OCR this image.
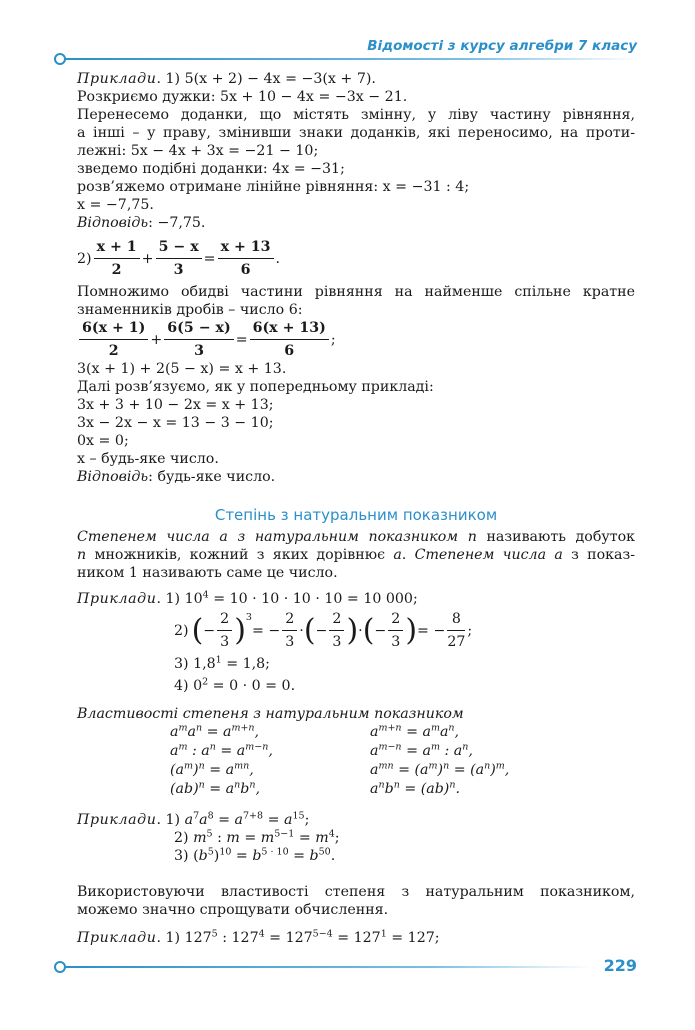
Відомості з курсу алгебри 7 класу
Приклади. 1) 5(x + 2) − 4x = −3(x + 7).
Розкриємо дужки: 5x + 10 − 4x = −3x − 21.
Перенесемо доданки, що містять змінну, у ліву частину рівняння,
а інші – у праву, змінивши знаки доданків, які переносимо, на проти-
лежні: 5x − 4x + 3x = −21 − 10;
зведемо подібні доданки: 4x = −31;
розв’яжемо отримане лінійне рівняння: x = −31 : 4;
x = −7,75.
Відповідь: −7,75.
$2) \frac{x + 1}{2} + \frac{5 - x}{3} = \frac{x + 13}{6}$ .
Помножимо обидві частини рівняння на найменше спільне кратне
знаменників дробів – число 6:
$\frac{6(x + 1)}{2} + \frac{6(5 - x)}{3} = \frac{6(x + 13)}{6}$ ;
3(x + 1) + 2(5 − x) = x + 13.
Далі розв’язуємо, як у попередньому прикладі:
3x + 3 + 10 − 2x = x + 13;
3x − 2x − x = 13 − 3 − 10;
0x = 0;
x – будь-яке число.
Відповідь: будь-яке число.
Степінь з натуральним показником
Степенем числа a з натуральним показником n називають добуток
n множників, кожний з яких дорівнює a. Степенем числа a з показ-
ником 1 називають саме це число.
Приклади. 1) $10^4 = 10 \cdot 10 \cdot 10 \cdot 10 = 10$ 000;
2) ( − $\frac{2}{3}$ ) 3
= − $\frac{2}{3}$ · ( − $\frac{2}{3}$ ) · ( − $\frac{2}{3}$ ) = − $\frac{8}{27}$ ;
3) $1,8^1 = 1,8$;
4) $0^2 = 0 \cdot 0 = 0$.
Властивості степеня з натуральним показником
$a^ma^n = a^{m+n}$,	$a^{m+n} = a^ma^n$,
$a^m$ : $a^n = a^{m-n}$,	$a^{m-n} = a^m$ : $a^n$,
$(a^m)^n = a^{mn}$,	$a^{mn} = (a^m)^n = (a^n)^m$,
$(ab)^n = a^nb^n$,	$a^nb^n = (ab)^n$.
Приклади. 1) $a^7a^8 = a^{7+8} = a^{15}$;
2) $m^5$ : $m = m^{5-1} = m^4$;
3) $(b^5)^{10} = b^{5 \cdot 10} = b^{50}$.
Використовуючи властивості степеня з натуральним показником,
можемо значно спрощувати обчислення.
Приклади. 1) $127^5$ : $127^4 = 127^{5-4} = 127^1 = 127$;
229
